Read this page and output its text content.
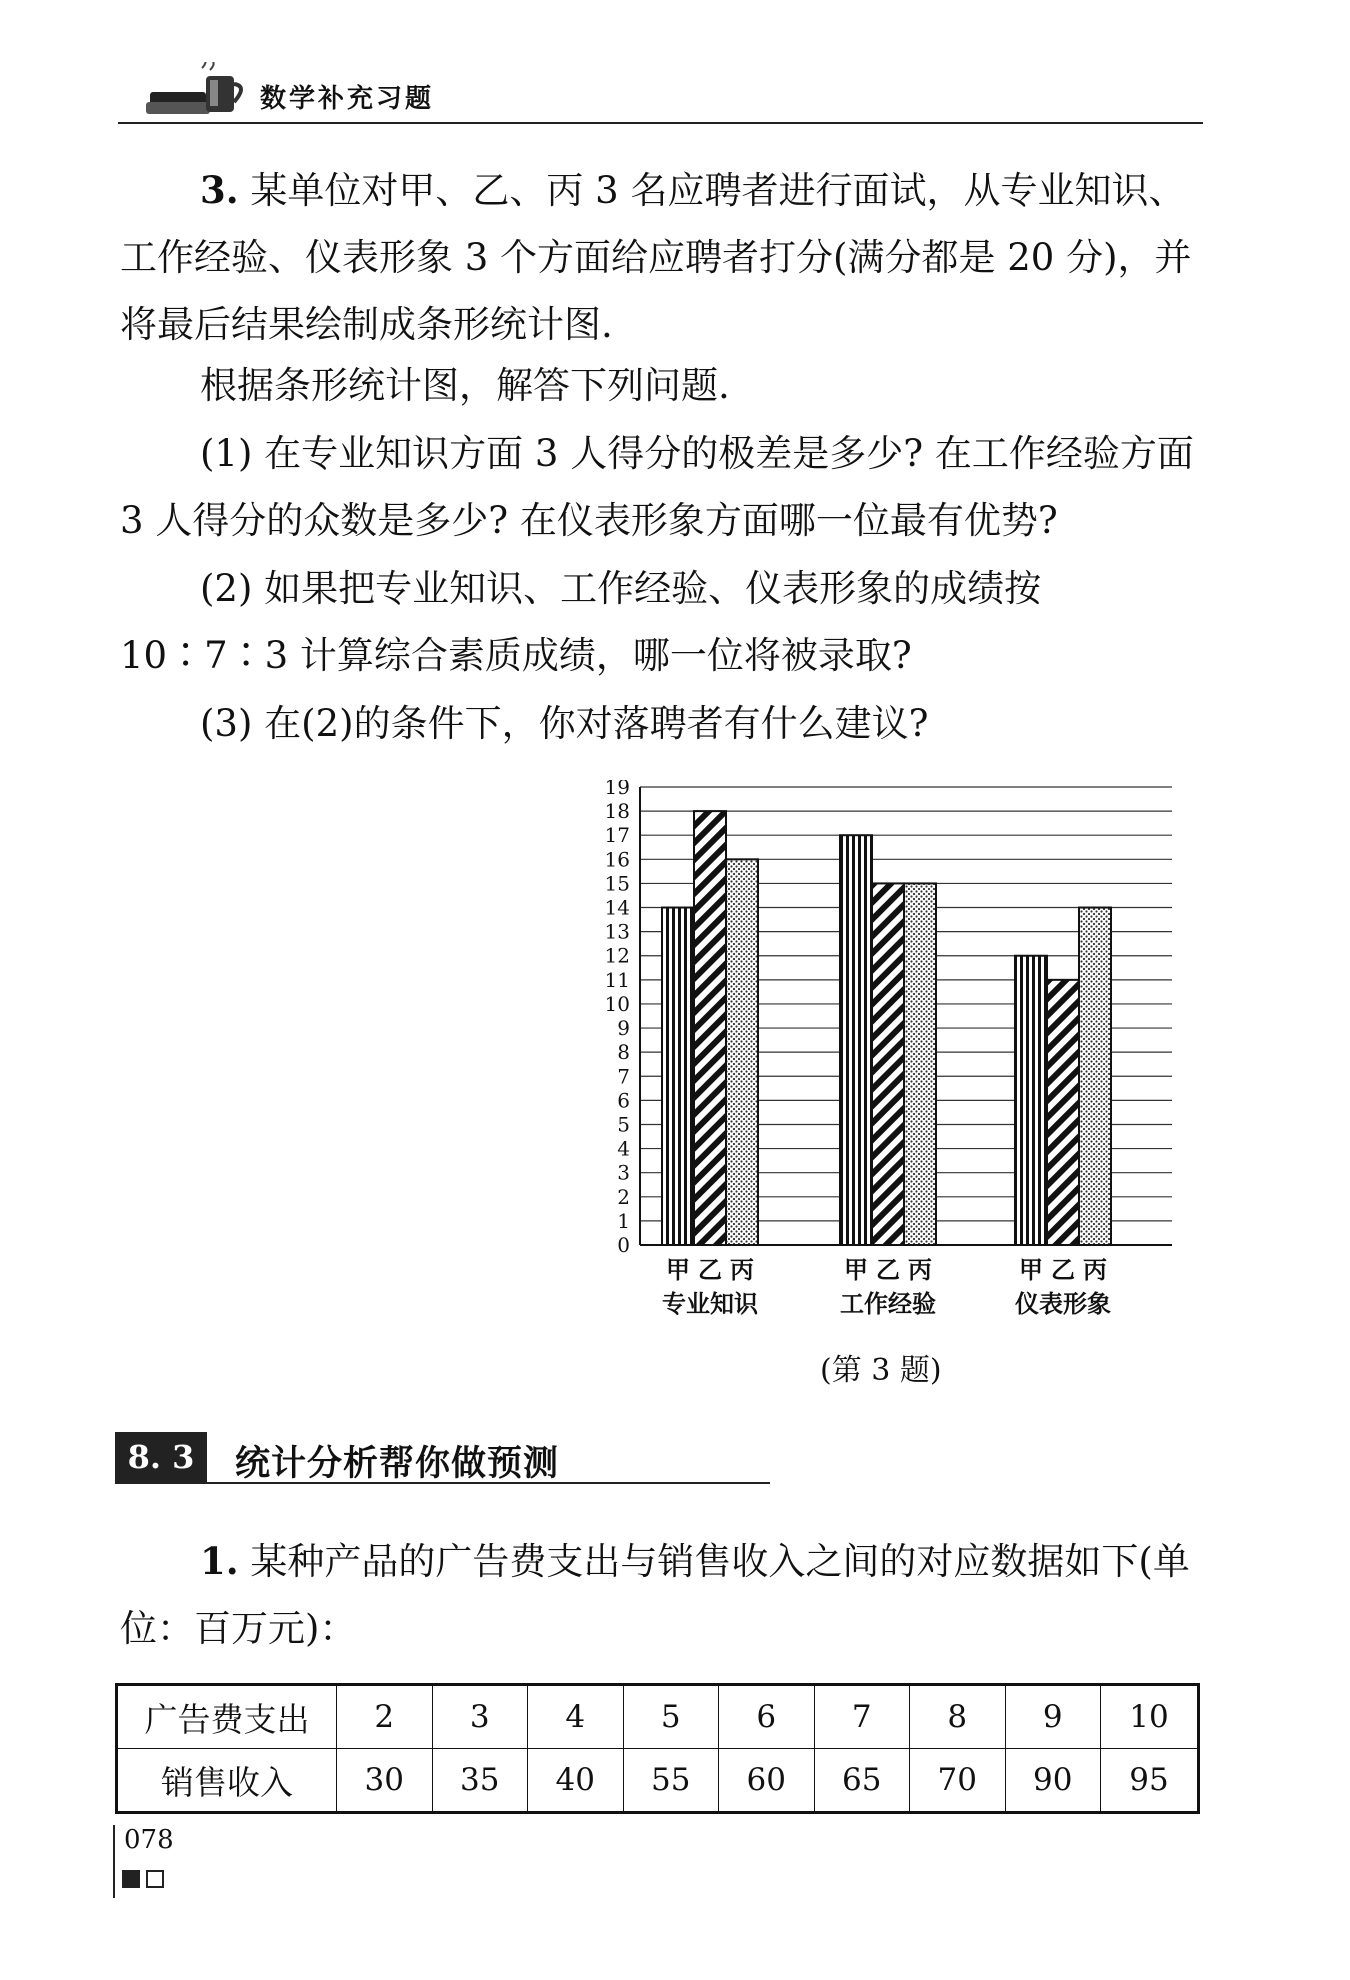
数学补充习题

3. 某单位对甲、乙、丙 3 名应聘者进行面试，从专业知识、工作经验、仪表形象 3 个方面给应聘者打分(满分都是 20 分)，并将最后结果绘制成条形统计图.

根据条形统计图，解答下列问题.

(1) 在专业知识方面 3 人得分的极差是多少? 在工作经验方面 3 人得分的众数是多少? 在仪表形象方面哪一位最有优势?

(2) 如果把专业知识、工作经验、仪表形象的成绩按 10∶7∶3 计算综合素质成绩，哪一位将被录取?

(3) 在(2)的条件下，你对落聘者有什么建议?

0
1
2
3
4
5
6
7
8
9
10
11
12
13
14
15
16
17
18
19
甲 乙 丙
专业知识
甲 乙 丙
工作经验
甲 乙 丙
仪表形象
(第 3 题)
8. 3	统计分析帮你做预测

1. 某种产品的广告费支出与销售收入之间的对应数据如下(单位：百万元)：

广告费支出	2	3	4	5	6	7	8	9	10
销售收入	30	35	40	55	60	65	70	90	95
078
